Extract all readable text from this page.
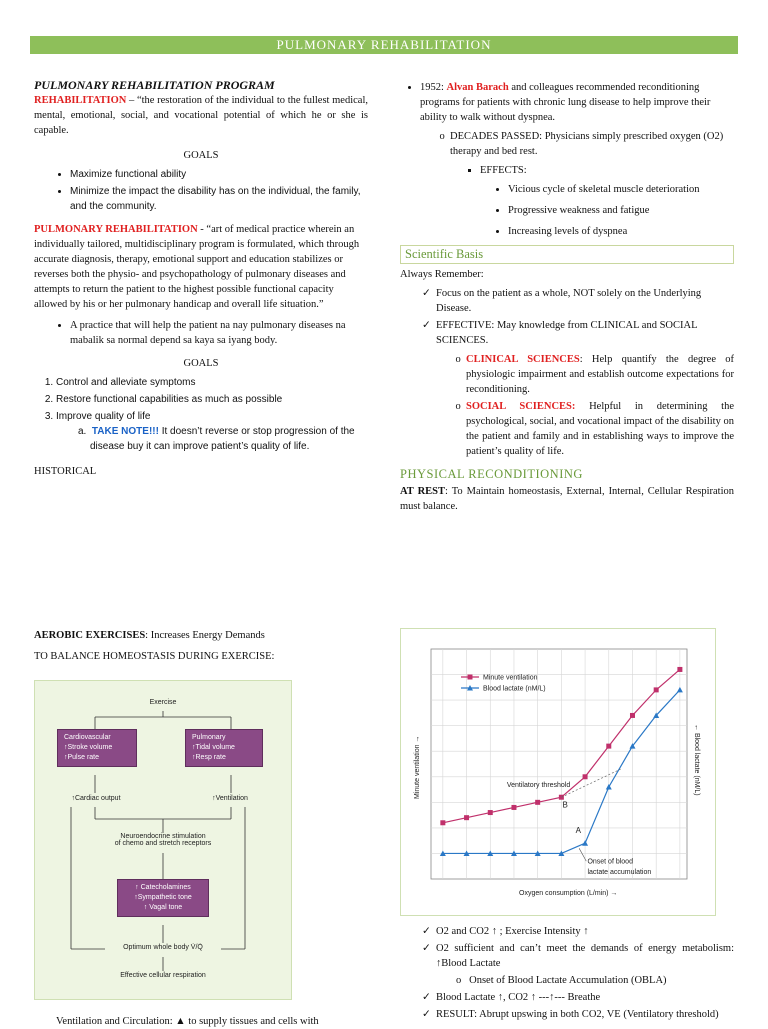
PULMONARY REHABILITATION
PULMONARY REHABILITATION PROGRAM
REHABILITATION – “the restoration of the individual to the fullest medical, mental, emotional, social, and vocational potential of which he or she is capable.
GOALS
• Maximize functional ability
• Minimize the impact the disability has on the individual, the family, and the community.
PULMONARY REHABILITATION - “art of medical practice wherein an individually tailored, multidisciplinary program is formulated, which through accurate diagnosis, therapy, emotional support and education stabilizes or reverses both the physio- and psychopathology of pulmonary diseases and attempts to return the patient to the highest possible functional capacity allowed by his or her pulmonary handicap and overall life situation.”
• A practice that will help the patient na nay pulmonary diseases na mabalik sa normal depend sa kaya sa iyang body.
GOALS
1. Control and alleviate symptoms
2. Restore functional capabilities as much as possible
3. Improve quality of life
a.  TAKE NOTE!!! It doesn’t reverse or stop progression of the disease buy it can improve patient’s quality of life.
HISTORICAL
AEROBIC EXERCISES: Increases Energy Demands
TO BALANCE HOMEOSTASIS DURING EXERCISE:
Exercise
Cardiovascular
↑Stroke volume
↑Pulse rate
Pulmonary
↑Tidal volume
↑Resp rate
↑Cardiac output	↑Ventilation
Neuroendocrine stimulation
of chemo and stretch receptors
↑ Catecholamines
↑Sympathetic tone
↑ Vagal tone
Optimum whole body V̇/Q̇
Effective cellular respiration
Ventilation and Circulation: ▲ to supply tissues and cells with
• 1952: Alvan Barach and colleagues recommended reconditioning programs for patients with chronic lung disease to help improve their ability to walk without dyspnea.
o DECADES PASSED: Physicians simply prescribed oxygen (O2) therapy and bed rest.
▪ EFFECTS:
• Vicious cycle of skeletal muscle deterioration
• Progressive weakness and fatigue
• Increasing levels of dyspnea
Scientific Basis
Always Remember:
✓ Focus on the patient as a whole, NOT solely on the Underlying Disease.
✓ EFFECTIVE: May knowledge from CLINICAL and SOCIAL SCIENCES.
o CLINICAL SCIENCES: Help quantify the degree of physiologic impairment and establish outcome expectations for reconditioning.
o SOCIAL SCIENCES: Helpful in determining the psychological, social, and vocational impact of the disability on the patient and family and in establishing ways to improve the patient’s quality of life.
PHYSICAL RECONDITIONING
AT REST: To Maintain homeostasis, External, Internal, Cellular Respiration must balance.
Minute ventilation
Blood lactate (nM/L)
Ventilatory threshold
B
A
Onset of blood
lactate accumulation
Oxygen consumption (L/min) →
Minute ventilation →	← Blood lactate (nM/L)
✓ O2 and CO2 ↑ ; Exercise Intensity ↑
✓ O2 sufficient and can’t meet the demands of energy metabolism: ↑Blood Lactate
o   Onset of Blood Lactate Accumulation (OBLA)
✓ Blood Lactate ↑, CO2 ↑ ---↑--- Breathe
✓ RESULT: Abrupt upswing in both CO2, VE (Ventilatory threshold)
